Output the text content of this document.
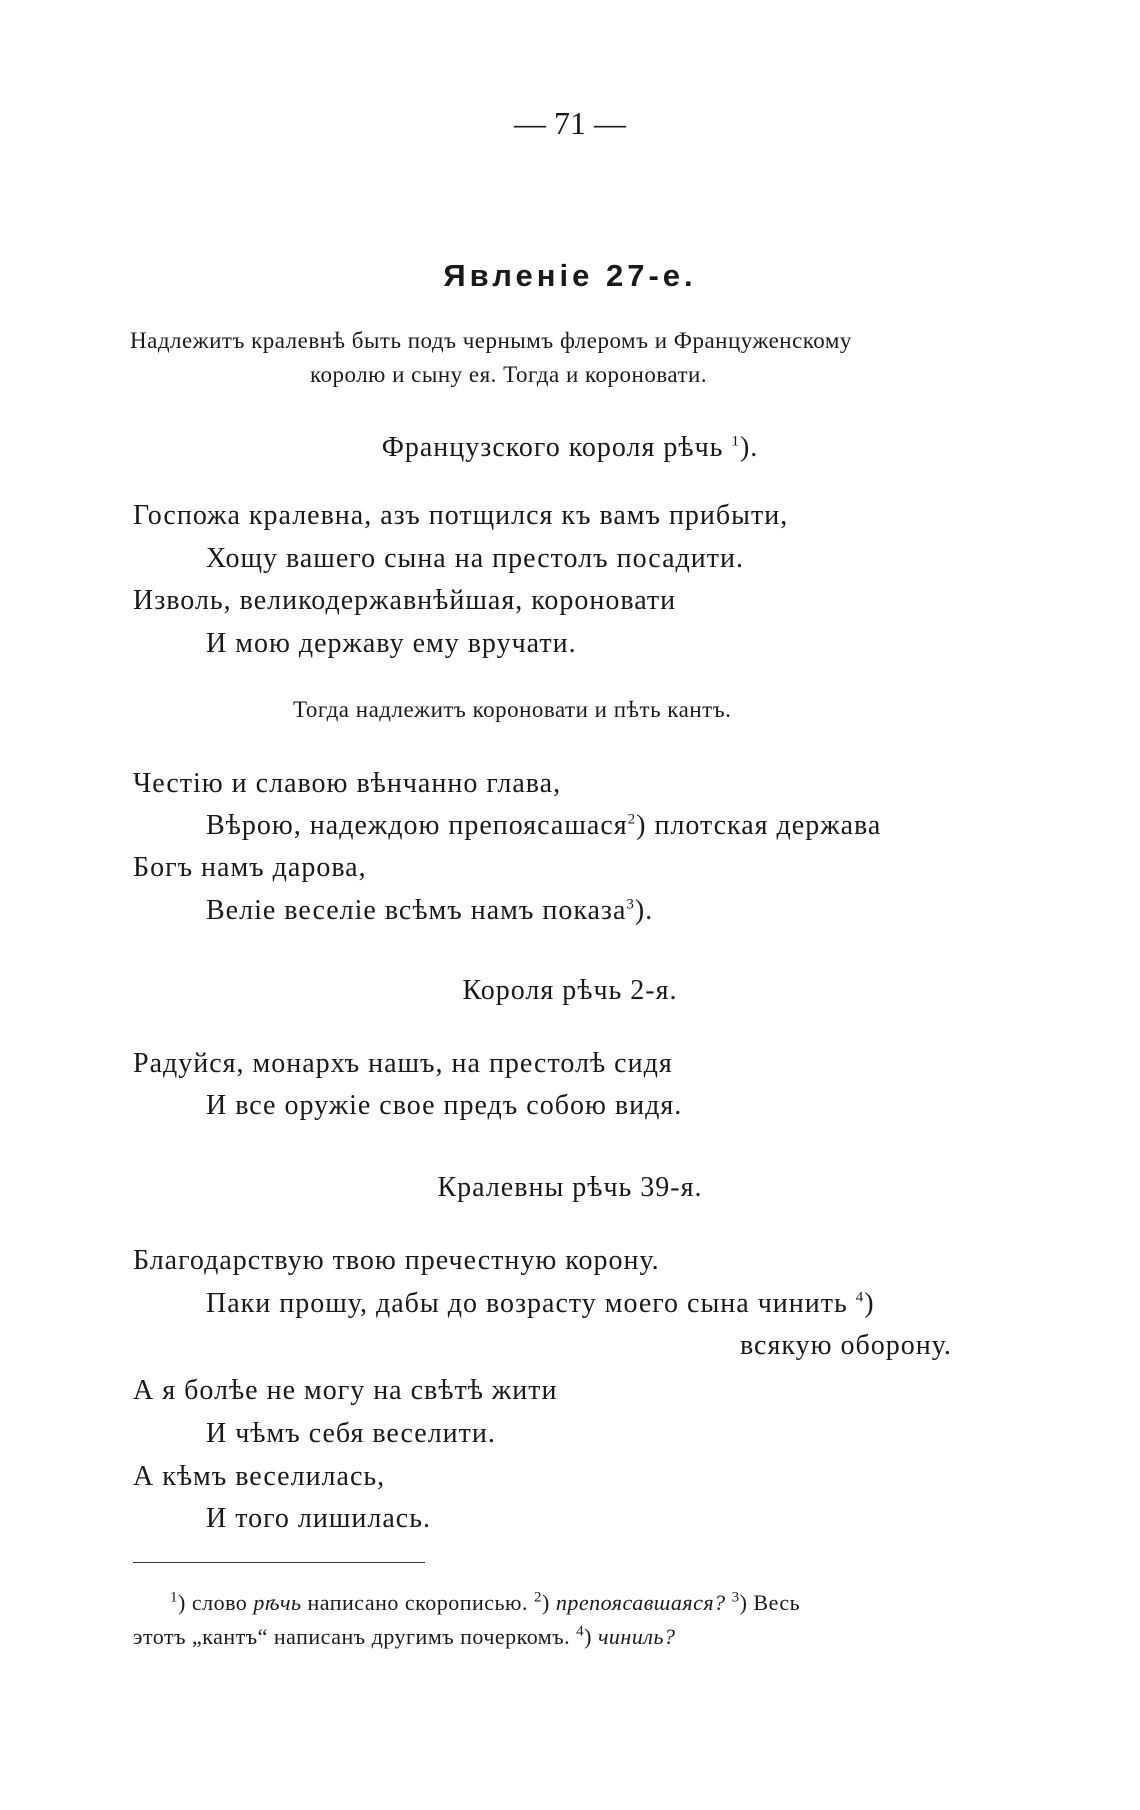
— 71 —
Явленіе 27-е.
Надлежитъ кралевнѣ быть подъ чернымъ флеромъ и Француженскому
королю и сыну ея. Тогда и короновати.
Французского короля рѣчь $^1$).
Госпожа кралевна, азъ потщился къ вамъ прибыти,
Хощу вашего сына на престолъ посадити.
Изволь, великодержавнѣйшая, короновати
И мою державу ему вручати.
Тогда надлежитъ короновати и пѣть кантъ.
Честію и славою вѣнчанно глава,
Вѣрою, надеждою препоясашася$^2$) плотская держава
Богъ намъ дарова,
Веліе веселіе всѣмъ намъ показа$^3$).
Короля рѣчь 2-я.
Радуйся, монархъ нашъ, на престолѣ сидя
И все оружіе свое предъ собою видя.
Кралевны рѣчь 39-я.
Благодарствую твою пречестную корону.
Паки прошу, дабы до возрасту моего сына чинить $^4$)
всякую оборону.
А я болѣе не могу на свѣтѣ жити
И чѣмъ себя веселити.
А кѣмъ веселилась,
И того лишилась.
$^1$) слово рѣчь написано скорописью. $^2$) препоясавшаяся? $^3$) Весь
этотъ „кантъ“ написанъ другимъ почеркомъ. $^4$) чиниль?
